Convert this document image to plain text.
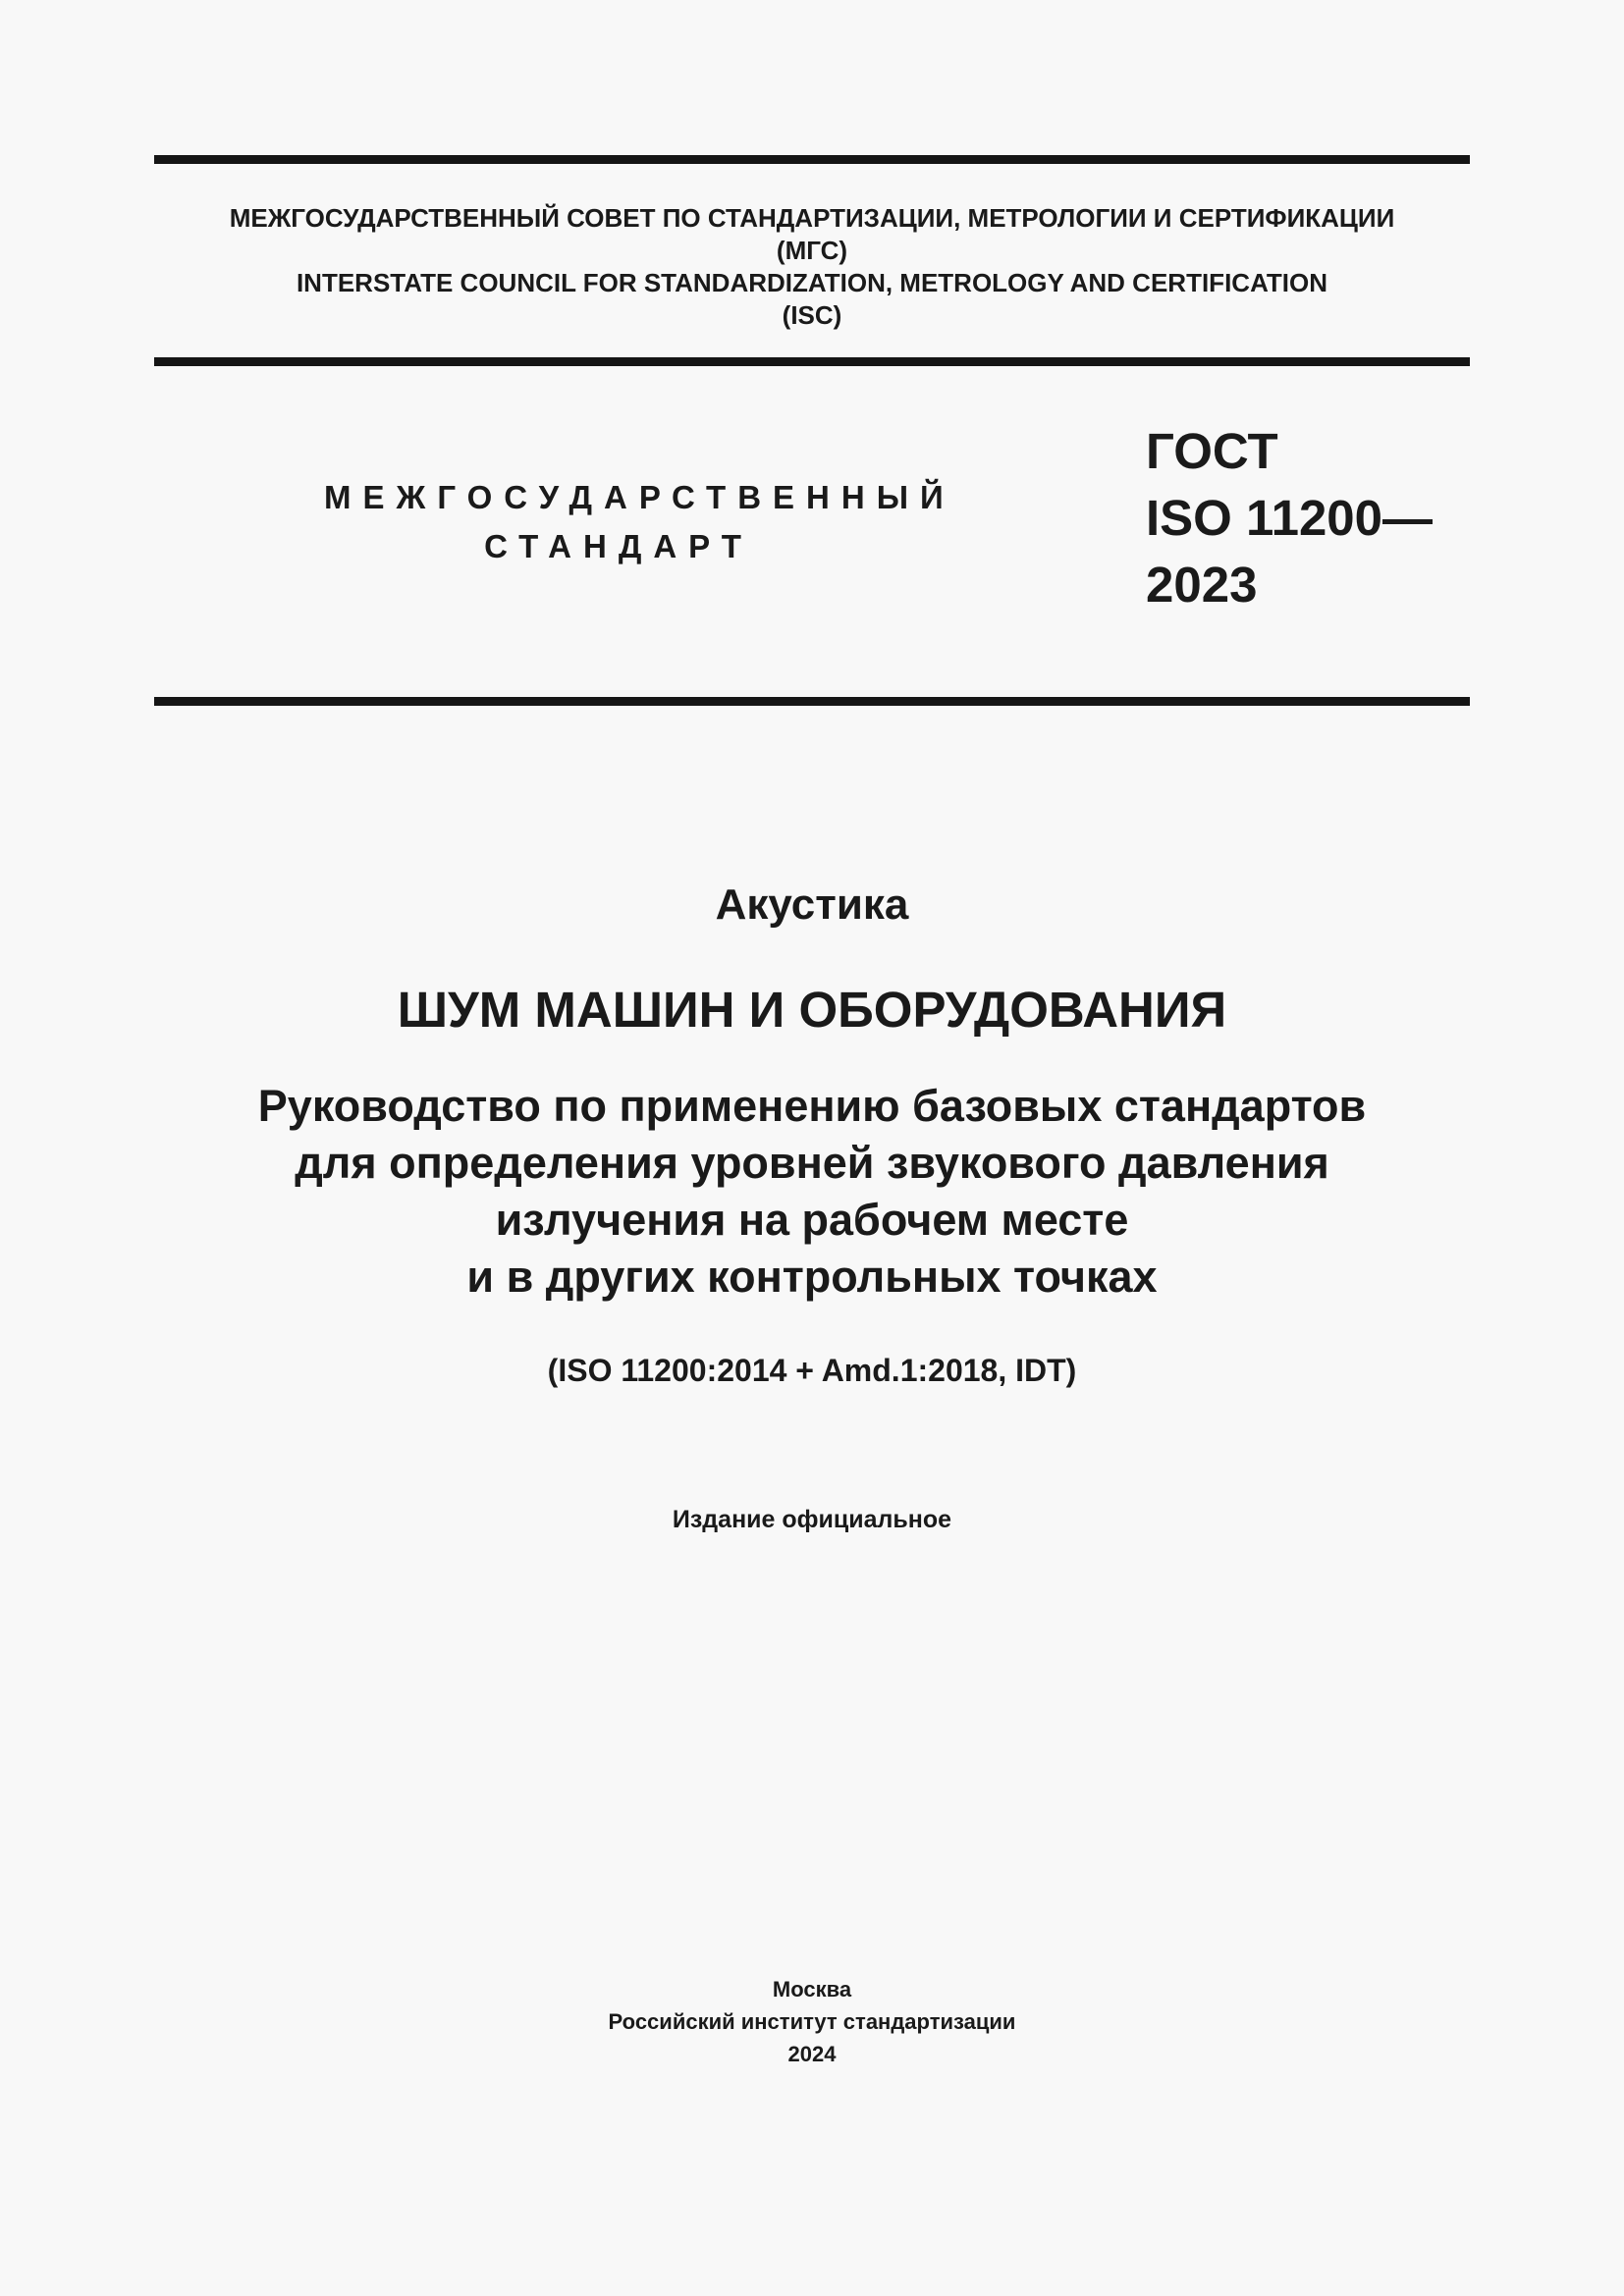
МЕЖГОСУДАРСТВЕННЫЙ СОВЕТ ПО СТАНДАРТИЗАЦИИ, МЕТРОЛОГИИ И СЕРТИФИКАЦИИ
(МГС)
INTERSTATE COUNCIL FOR STANDARDIZATION, METROLOGY AND CERTIFICATION
(ISC)
МЕЖГОСУДАРСТВЕННЫЙ
СТАНДАРТ
ГОСТ
ISO 11200—
2023
Акустика
ШУМ МАШИН И ОБОРУДОВАНИЯ
Руководство по применению базовых стандартов
для определения уровней звукового давления
излучения на рабочем месте
и в других контрольных точках
(ISO 11200:2014 + Amd.1:2018, IDT)
Издание официальное
Москва
Российский институт стандартизации
2024
